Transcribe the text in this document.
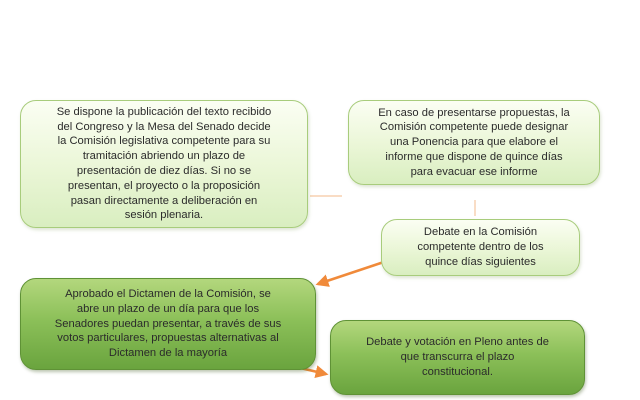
Se dispone la publicación del texto recibido
del Congreso y la Mesa del Senado decide
la Comisión legislativa competente para su
tramitación abriendo un plazo de
presentación de diez días. Si no se
presentan, el proyecto o la proposición
pasan directamente a deliberación en
sesión plenaria.
En caso de presentarse propuestas, la
Comisión competente puede designar
una Ponencia para que elabore el
informe que dispone de quince días
para evacuar ese informe
Debate en la Comisión
competente dentro de los
quince días siguientes
Aprobado el Dictamen de la Comisión, se
abre un plazo de un día para que los
Senadores puedan presentar, a través de sus
votos particulares, propuestas alternativas al
Dictamen de la mayoría
Debate y votación en Pleno antes de
que transcurra el plazo
constitucional.
